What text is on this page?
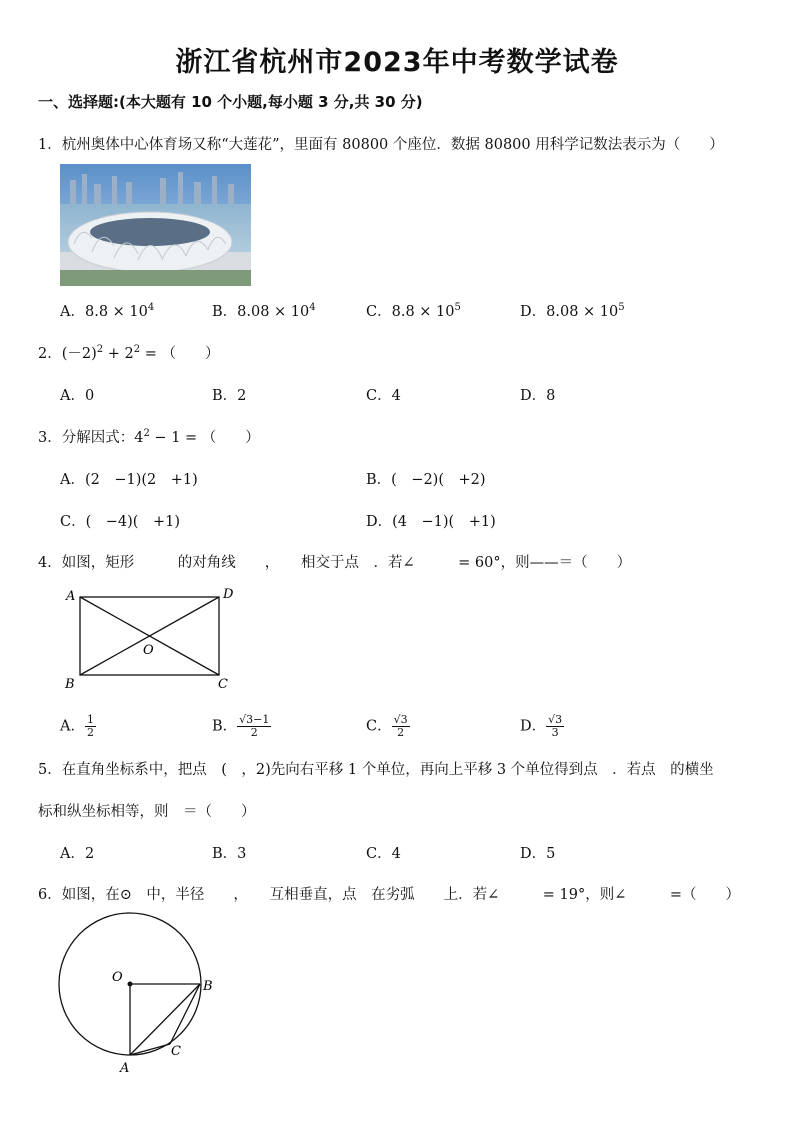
浙江省杭州市2023年中考数学试卷
一、选择题:(本大题有 10 个小题,每小题 3 分,共 30 分)
1．杭州奥体中心体育场又称“大莲花”，里面有 80800 个座位．数据 80800 用科学记数法表示为（　　）
A．$8.8 \times 10^4$	B．$8.08 \times 10^4$	C．$8.8 \times 10^5$	D．$8.08 \times 10^5$
2．$(-2)^2 + 2^2$ = （　　）
A．0	B．2	C．4	D．8
3．分解因式：$4^2 - 1$ = （　　）
A．(2　−1)(2　+1)	B．(　−2)(　+2)
C．(　−4)(　+1)	D．(4　−1)(　+1)
4．如图，矩形　　　的对角线　　，　　相交于点　．若∠　　　= 60°，则——＝（　　）
A	D
O
B	C
A． $\frac{1}{2}$	B． $\frac{√3-1}{2}$	C． $\frac{√3}{2}$	D． $\frac{√3}{3}$
5．在直角坐标系中，把点　(　，2)先向右平移 1 个单位，再向上平移 3 个单位得到点　．若点　的横坐
标和纵坐标相等，则　＝（　　）
A．2	B．3	C．4	D．5
6．如图，在⊙　中，半径　　，　　互相垂直，点　在劣弧　　上．若∠　　　= 19°，则∠　　　=（　　）
O
B
C
A
